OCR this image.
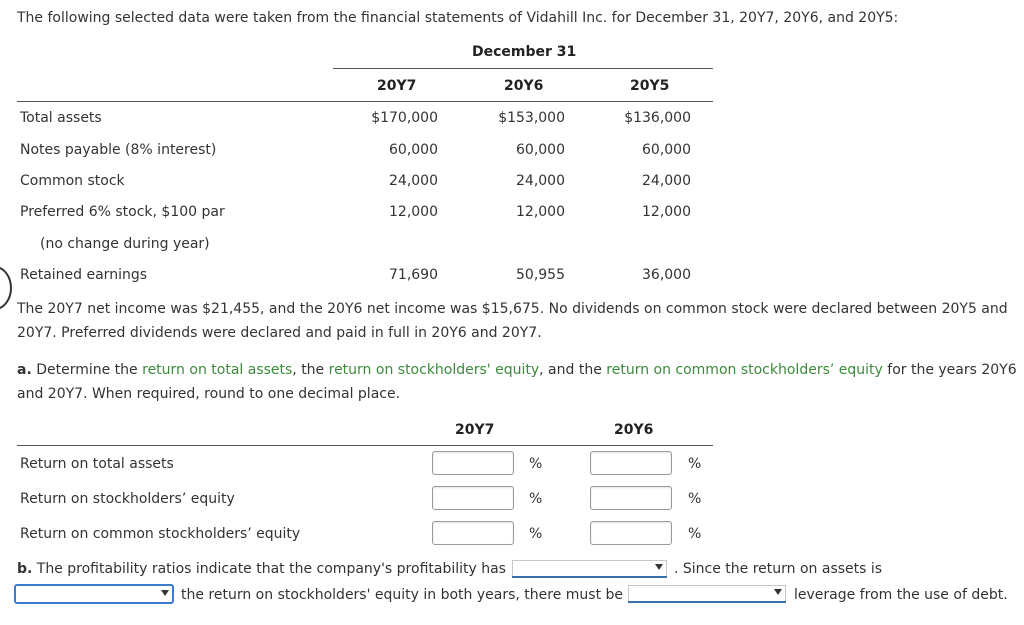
The following selected data were taken from the financial statements of Vidahill Inc. for December 31, 20Y7, 20Y6, and 20Y5:
December 31
20Y7	20Y6	20Y5
Total assets	$170,000	$153,000	$136,000
Notes payable (8% interest)	60,000	60,000	60,000
Common stock	24,000	24,000	24,000
Preferred 6% stock, $100 par	12,000	12,000	12,000
(no change during year)
Retained earnings	71,690	50,955	36,000
The 20Y7 net income was $21,455, and the 20Y6 net income was $15,675. No dividends on common stock were declared between 20Y5 and
20Y7. Preferred dividends were declared and paid in full in 20Y6 and 20Y7.
a. Determine the return on total assets, the return on stockholders' equity, and the return on common stockholders’ equity for the years 20Y6
and 20Y7. When required, round to one decimal place.
20Y7	20Y6
Return on total assets	%	%
Return on stockholders’ equity	%	%
Return on common stockholders’ equity	%	%
b. The profitability ratios indicate that the company's profitability has	. Since the return on assets is
the return on stockholders' equity in both years, there must be	leverage from the use of debt.
